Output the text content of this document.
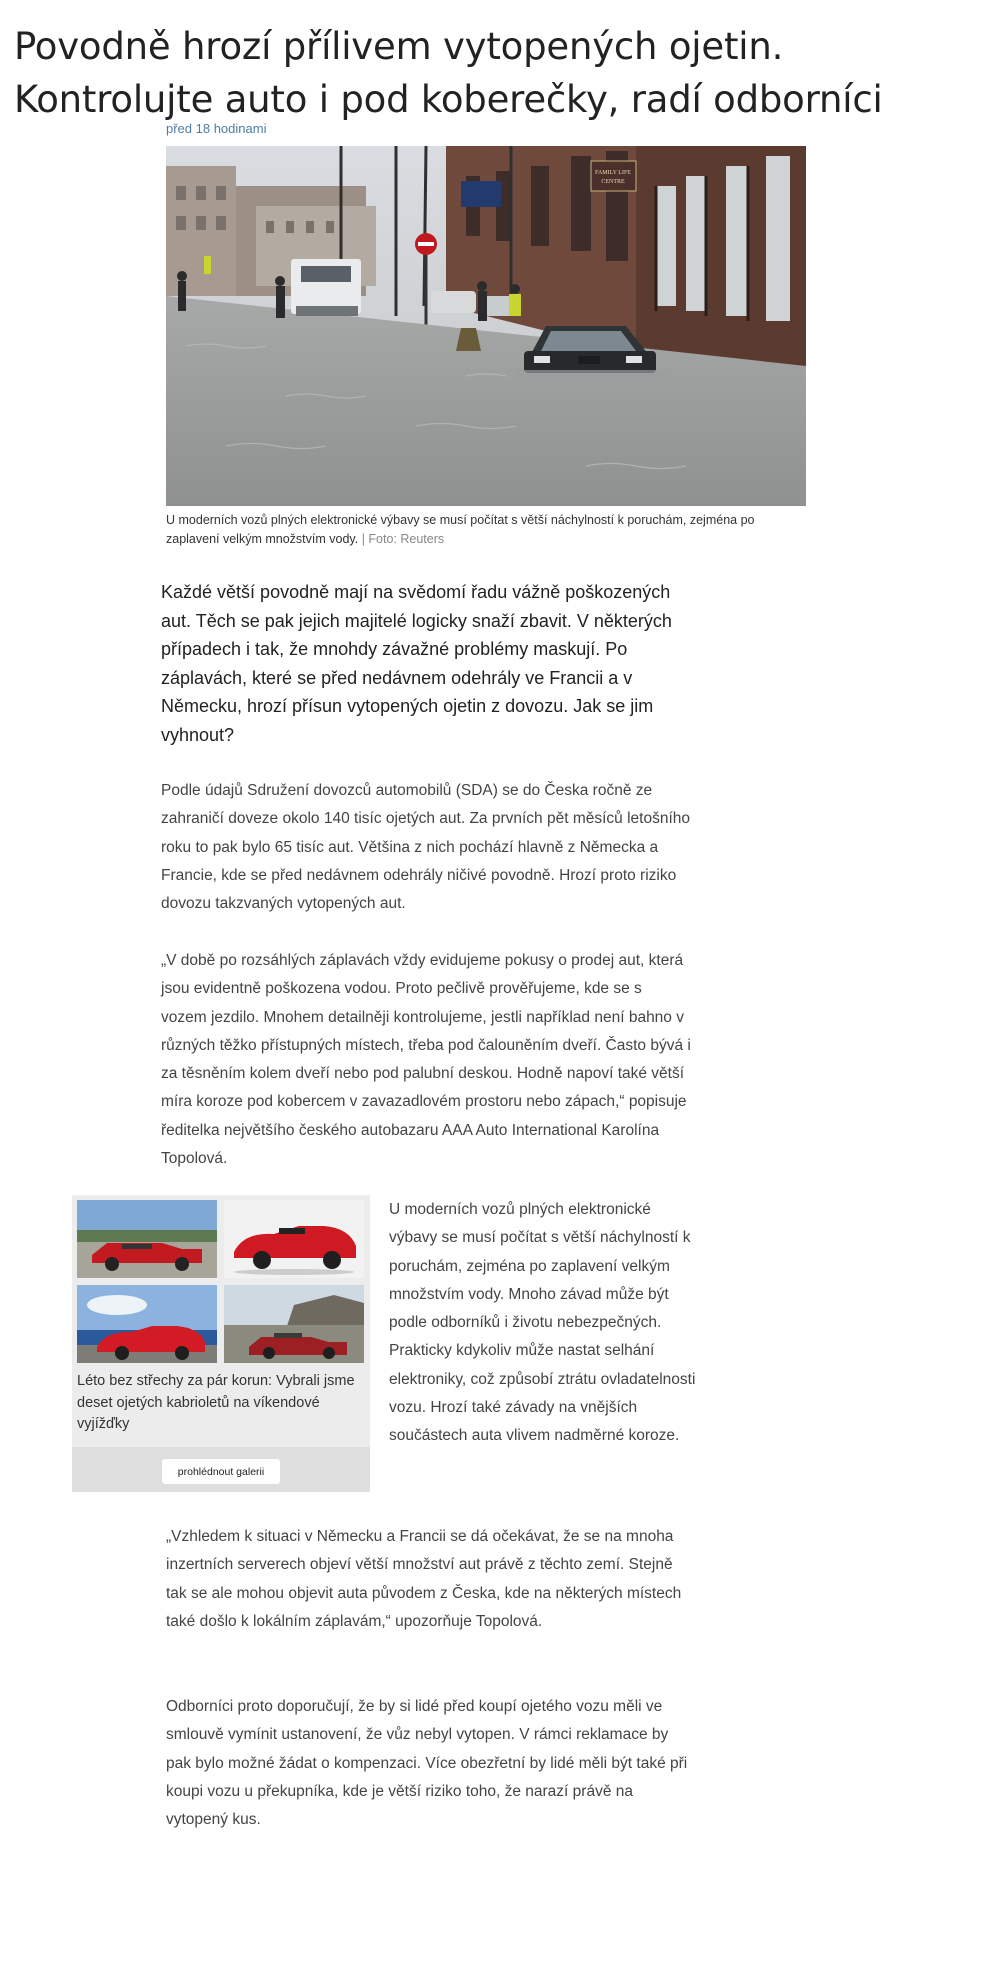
Povodně hrozí přílivem vytopených ojetin. Kontrolujte auto i pod koberečky, radí odborníci
před 18 hodinami
FAMILY LIFE
CENTRE
U moderních vozů plných elektronické výbavy se musí počítat s větší náchylností k poruchám, zejména po zaplavení velkým množstvím vody. | Foto: Reuters

Každé větší povodně mají na svědomí řadu vážně poškozených aut. Těch se pak jejich majitelé logicky snaží zbavit. V některých případech i tak, že mnohdy závažné problémy maskují. Po záplavách, které se před nedávnem odehrály ve Francii a v Německu, hrozí přísun vytopených ojetin z dovozu. Jak se jim vyhnout?

Podle údajů Sdružení dovozců automobilů (SDA) se do Česka ročně ze zahraničí doveze okolo 140 tisíc ojetých aut. Za prvních pět měsíců letošního roku to pak bylo 65 tisíc aut. Většina z nich pochází hlavně z Německa a Francie, kde se před nedávnem odehrály ničivé povodně. Hrozí proto riziko dovozu takzvaných vytopených aut.

„V době po rozsáhlých záplavách vždy evidujeme pokusy o prodej aut, která jsou evidentně poškozena vodou. Proto pečlivě prověřujeme, kde se s vozem jezdilo. Mnohem detailněji kontrolujeme, jestli například není bahno v různých těžko přístupných místech, třeba pod čalouněním dveří. Často bývá i za těsněním kolem dveří nebo pod palubní deskou. Hodně napoví také větší míra koroze pod kobercem v zavazadlovém prostoru nebo zápach,“ popisuje ředitelka největšího českého autobazaru AAA Auto International Karolína Topolová.

Léto bez střechy za pár korun: Vybrali jsme deset ojetých kabrioletů na víkendové vyjížďky
prohlédnout galerii

U moderních vozů plných elektronické výbavy se musí počítat s větší náchylností k poruchám, zejména po zaplavení velkým množstvím vody. Mnoho závad může být podle odborníků i životu nebezpečných. Prakticky kdykoliv může nastat selhání elektroniky, což způsobí ztrátu ovladatelnosti vozu. Hrozí také závady na vnějších součástech auta vlivem nadměrné koroze.

„Vzhledem k situaci v Německu a Francii se dá očekávat, že se na mnoha inzertních serverech objeví větší množství aut právě z těchto zemí. Stejně tak se ale mohou objevit auta původem z Česka, kde na některých místech také došlo k lokálním záplavám,“ upozorňuje Topolová.

Odborníci proto doporučují, že by si lidé před koupí ojetého vozu měli ve smlouvě vymínit ustanovení, že vůz nebyl vytopen. V rámci reklamace by pak bylo možné žádat o kompenzaci. Více obezřetní by lidé měli být také při koupi vozu u překupníka, kde je větší riziko toho, že narazí právě na vytopený kus.
